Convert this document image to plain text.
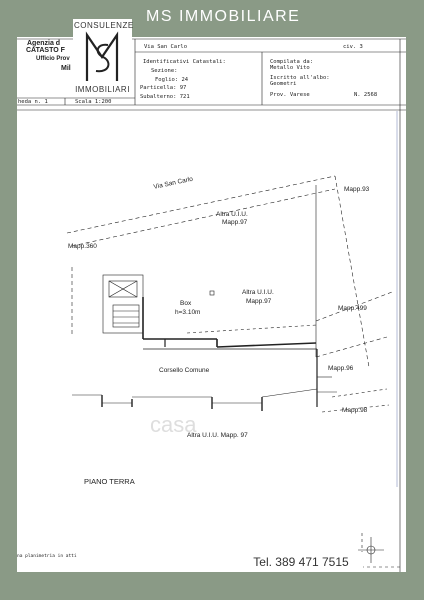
MS IMMOBILIARE
Agenzia d
CATASTO F
Ufficio Prov
Mil
Via San Carlo	civ. 3
Identificativi Catastali:
Sezione:
Foglio: 24
Particella: 97
Subalterno: 721
Compilata da:
Metallo Vito
Iscritto all'albo:
Geometri
Prov. Varese	N. 2568
heda n. 1	Scala 1:200
Via San Carlo
Altra U.I.U.
Mapp.97
Mapp.93
Mapp.360
Box
h=3.10m
Altra U.I.U.
Mapp.97
Mapp.499
Corsello Comune	Mapp.96
Mapp.98
Altra U.I.U. Mapp. 97
PIANO TERRA
na planimetria in atti
casa
CONSULENZE
IMMOBILIARI
Tel. 389 471 7515
